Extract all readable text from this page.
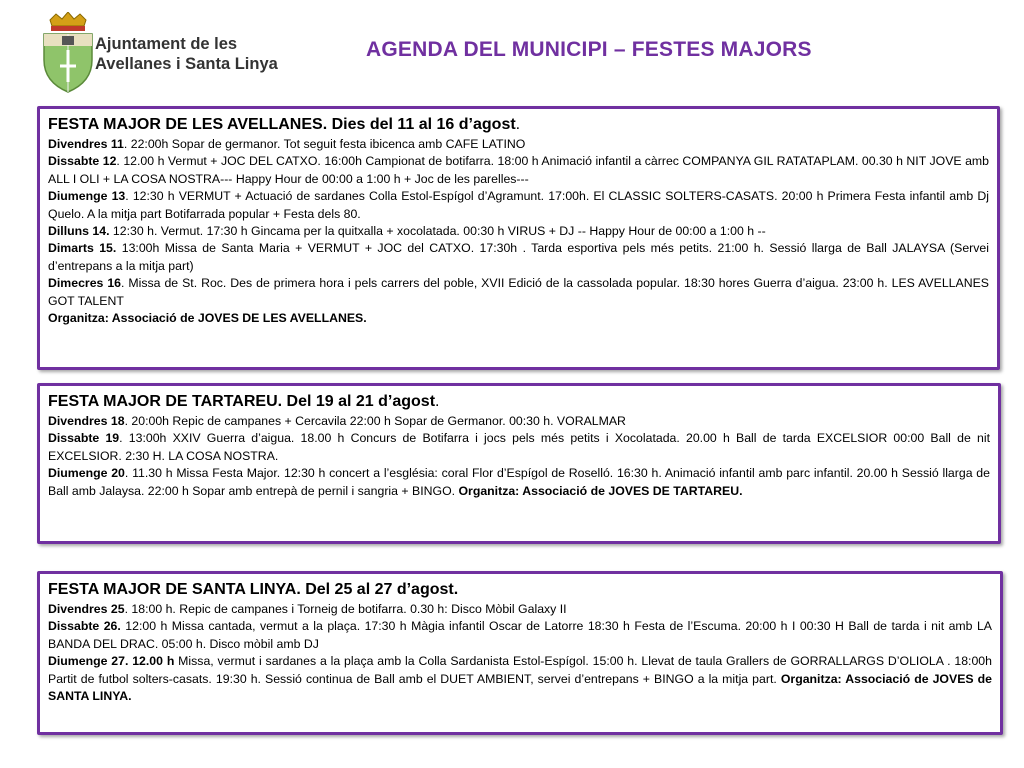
Ajuntament de les
Avellanes i Santa Linya
AGENDA DEL MUNICIPI – FESTES MAJORS
FESTA MAJOR DE LES AVELLANES. Dies del 11 al 16 d’agost.

Divendres 11. 22:00h Sopar de germanor. Tot seguit festa ibicenca amb CAFE LATINO
Dissabte 12. 12.00 h Vermut + JOC DEL CATXO. 16:00h Campionat de botifarra. 18:00 h Animació infantil a càrrec COMPANYA GIL RATATAPLAM. 00.30 h NIT JOVE amb ALL I OLI + LA COSA NOSTRA--- Happy Hour de 00:00 a 1:00 h + Joc de les parelles---
Diumenge 13. 12:30 h VERMUT + Actuació de sardanes Colla Estol-Espígol d’Agramunt. 17:00h. El CLASSIC SOLTERS-CASATS. 20:00 h Primera Festa infantil amb Dj Quelo. A la mitja part Botifarrada popular + Festa dels 80.
Dilluns 14. 12:30 h. Vermut. 17:30 h Gincama per la quitxalla + xocolatada. 00:30 h VIRUS + DJ -- Happy Hour de 00:00 a 1:00 h --
Dimarts 15. 13:00h Missa de Santa Maria + VERMUT + JOC del CATXO. 17:30h . Tarda esportiva pels més petits. 21:00 h. Sessió llarga de Ball JALAYSA (Servei d’entrepans a la mitja part)
Dimecres 16. Missa de St. Roc. Des de primera hora i pels carrers del poble, XVII Edició de la cassolada popular. 18:30 hores Guerra d’aigua. 23:00 h. LES AVELLANES GOT TALENT
Organitza: Associació de JOVES DE LES AVELLANES.

FESTA MAJOR DE TARTAREU. Del 19 al 21 d’agost.

Divendres 18. 20:00h Repic de campanes + Cercavila 22:00 h Sopar de Germanor. 00:30 h. VORALMAR
Dissabte 19. 13:00h XXIV Guerra d’aigua. 18.00 h Concurs de Botifarra i jocs pels més petits i Xocolatada. 20.00 h Ball de tarda EXCELSIOR 00:00 Ball de nit EXCELSIOR. 2:30 H. LA COSA NOSTRA.
Diumenge 20. 11.30 h Missa Festa Major. 12:30 h concert a l’església: coral Flor d’Espígol de Roselló. 16:30 h. Animació infantil amb parc infantil. 20.00 h Sessió llarga de Ball amb Jalaysa. 22:00 h Sopar amb entrepà de pernil i sangria + BINGO. Organitza: Associació de JOVES DE TARTAREU.

FESTA MAJOR DE SANTA LINYA. Del 25 al 27 d’agost.

Divendres 25. 18:00 h. Repic de campanes i Torneig de botifarra. 0.30 h: Disco Mòbil Galaxy II
Dissabte 26. 12:00 h Missa cantada, vermut a la plaça. 17:30 h Màgia infantil Oscar de Latorre 18:30 h Festa de l’Escuma. 20:00 h I 00:30 H Ball de tarda i nit amb LA BANDA DEL DRAC. 05:00 h. Disco mòbil amb DJ
Diumenge 27. 12.00 h Missa, vermut i sardanes a la plaça amb la Colla Sardanista Estol-Espígol. 15:00 h. Llevat de taula Grallers de GORRALLARGS D’OLIOLA . 18:00h Partit de futbol solters-casats. 19:30 h. Sessió continua de Ball amb el DUET AMBIENT, servei d’entrepans + BINGO a la mitja part. Organitza: Associació de JOVES de SANTA LINYA.
